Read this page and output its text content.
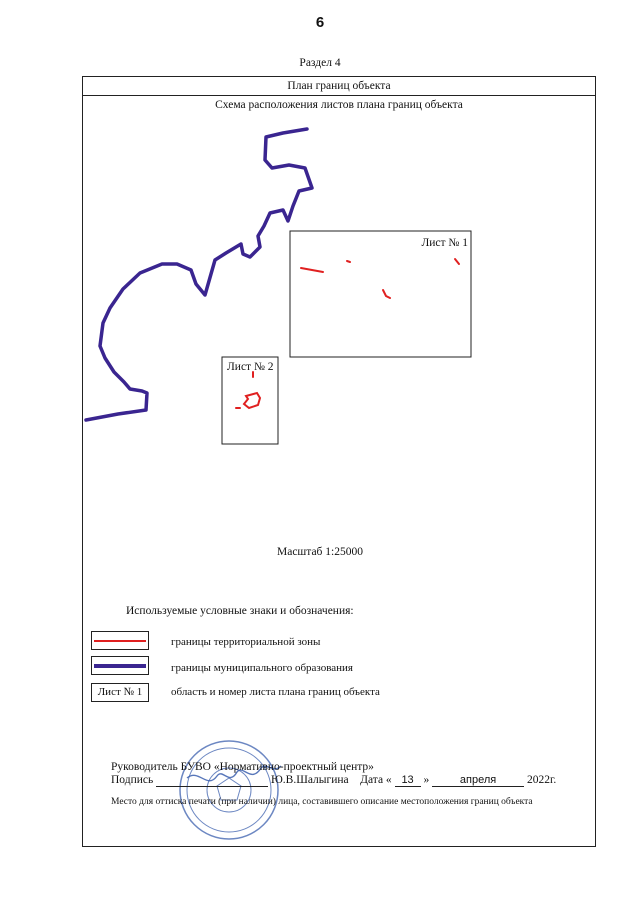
6
Раздел 4
План границ объекта
Схема расположения листов плана границ объекта
Лист № 1
Лист № 2
Масштаб 1:25000
Используемые условные знаки и обозначения:
границы территориальной зоны
границы муниципального образования
Лист № 1	область и номер листа плана границ объекта
Руководитель БУВО «Нормативно-проектный центр»
Подпись	Ю.В.Шалыгина Дата « 13 »	апреля	2022г.
Место для оттиска печати (при наличии) лица, составившего описание местоположения границ объекта
